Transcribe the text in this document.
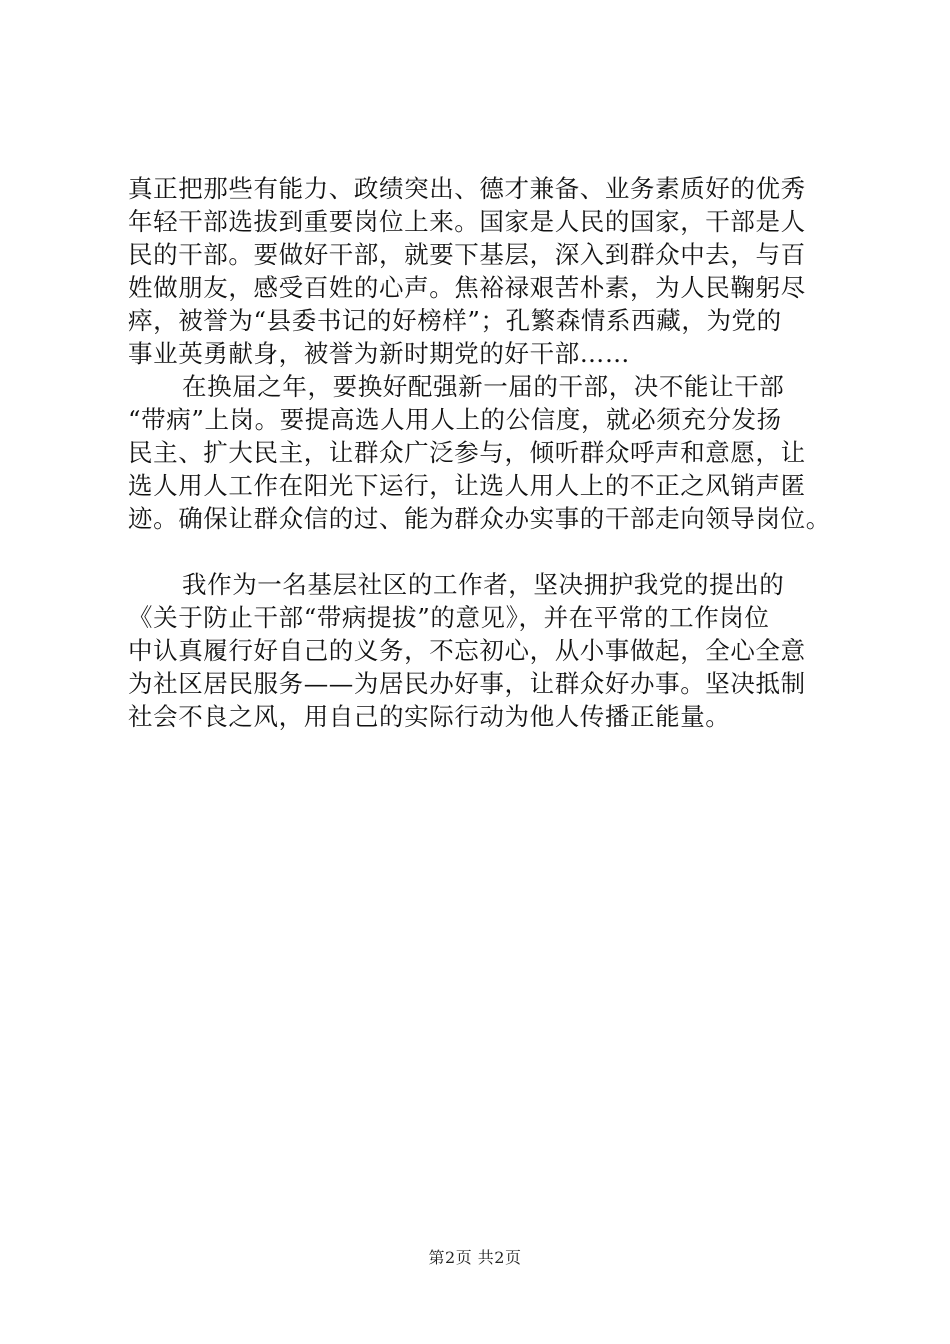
真正把那些有能力、政绩突出、德才兼备、业务素质好的优秀
年轻干部选拔到重要岗位上来。国家是人民的国家，干部是人
民的干部。要做好干部，就要下基层，深入到群众中去，与百
姓做朋友，感受百姓的心声。焦裕禄艰苦朴素，为人民鞠躬尽
瘁，被誉为“县委书记的好榜样”；孔繁森情系西藏，为党的
事业英勇献身，被誉为新时期党的好干部……
在换届之年，要换好配强新一届的干部，决不能让干部
“带病”上岗。要提高选人用人上的公信度，就必须充分发扬
民主、扩大民主，让群众广泛参与，倾听群众呼声和意愿，让
选人用人工作在阳光下运行，让选人用人上的不正之风销声匿
迹。确保让群众信的过、能为群众办实事的干部走向领导岗位。
我作为一名基层社区的工作者，坚决拥护我党的提出的
《关于防止干部“带病提拔”的意见》，并在平常的工作岗位
中认真履行好自己的义务，不忘初心，从小事做起，全心全意
为社区居民服务——为居民办好事，让群众好办事。坚决抵制
社会不良之风，用自己的实际行动为他人传播正能量。
第2页 共2页
